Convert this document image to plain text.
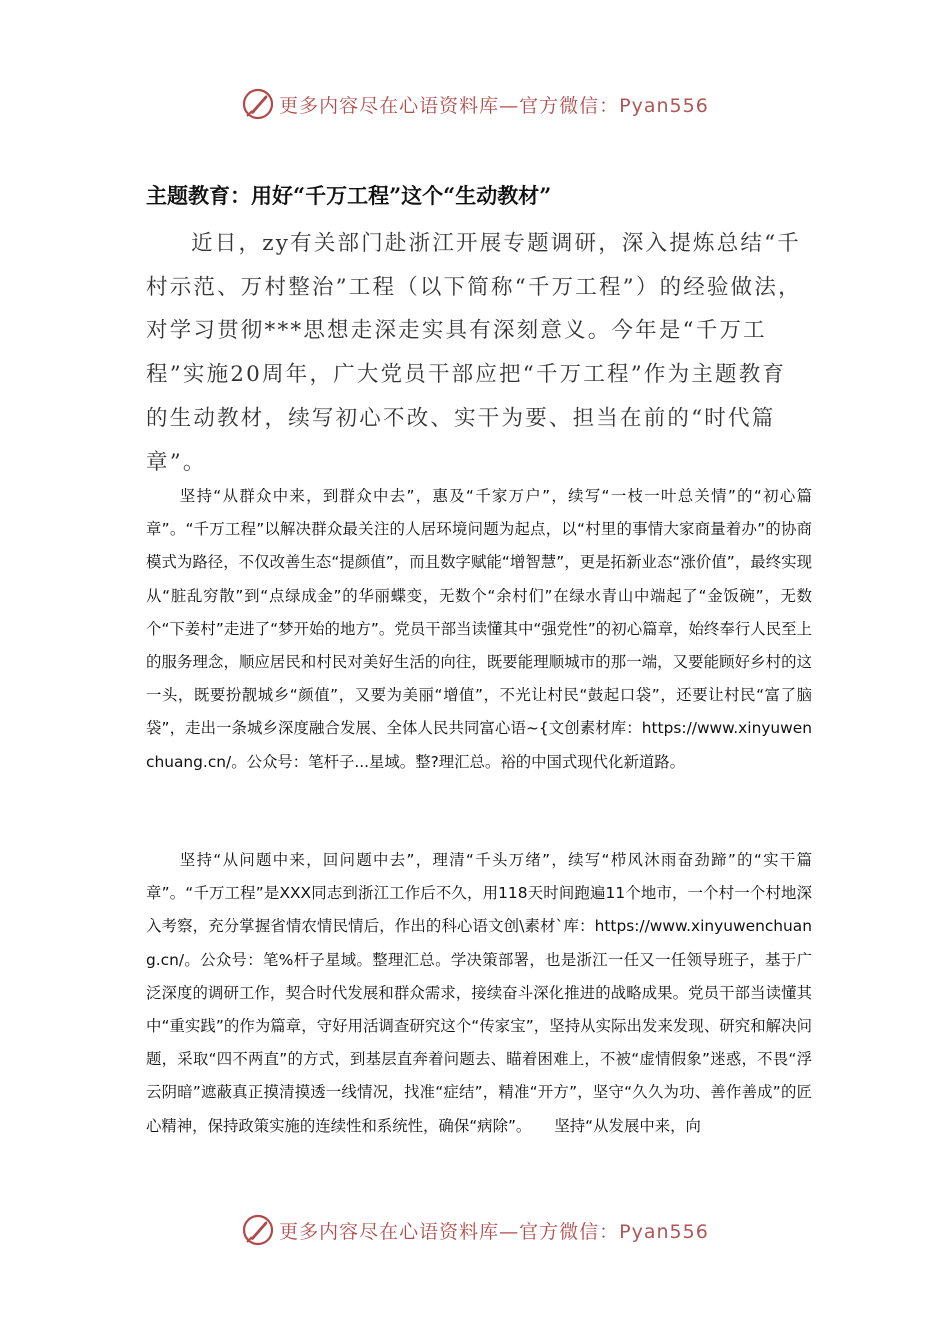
更多内容尽在心语资料库—官方微信：Pyan556
主题教育：用好“千万工程”这个“生动教材”

近日，zy有关部门赴浙江开展专题调研，深入提炼总结“千村示范、万村整治”工程（以下简称“千万工程”）的经验做法，对学习贯彻***思想走深走实具有深刻意义。今年是“千万工程”实施20周年，广大党员干部应把“千万工程”作为主题教育的生动教材，续写初心不改、实干为要、担当在前的“时代篇章”。

坚持“从群众中来，到群众中去”，惠及“千家万户”，续写“一枝一叶总关情”的“初心篇章”。“千万工程”以解决群众最关注的人居环境问题为起点，以“村里的事情大家商量着办”的协商模式为路径，不仅改善生态“提颜值”，而且数字赋能“增智慧”，更是拓新业态“涨价值”，最终实现从“脏乱穷散”到“点绿成金”的华丽蝶变，无数个“余村们”在绿水青山中端起了“金饭碗”，无数个“下姜村”走进了“梦开始的地方”。党员干部当读懂其中“强党性”的初心篇章，始终奉行人民至上的服务理念，顺应居民和村民对美好生活的向往，既要能理顺城市的那一端，又要能顾好乡村的这一头，既要扮靓城乡“颜值”，又要为美丽“增值”，不光让村民“鼓起口袋”，还要让村民“富了脑袋”，走出一条城乡深度融合发展、全体人民共同富心语~{文创素材库：https://www.xinyuwenchuang.cn/。公众号：笔杆子...星域。整?理汇总。裕的中国式现代化新道路。

坚持“从问题中来，回问题中去”，理清“千头万绪”，续写“栉风沐雨奋劲蹄”的“实干篇章”。“千万工程”是XXX同志到浙江工作后不久，用118天时间跑遍11个地市，一个村一个村地深入考察，充分掌握省情农情民情后，作出的科心语文创\素材`库：https://www.xinyuwenchuang.cn/。公众号：笔%杆子星域。整理汇总。学决策部署，也是浙江一任又一任领导班子，基于广泛深度的调研工作，契合时代发展和群众需求，接续奋斗深化推进的战略成果。党员干部当读懂其中“重实践”的作为篇章，守好用活调查研究这个“传家宝”，坚持从实际出发来发现、研究和解决问题，采取“四不两直”的方式，到基层直奔着问题去、瞄着困难上，不被“虚情假象”迷惑，不畏“浮云阴暗”遮蔽真正摸清摸透一线情况，找准“症结”，精准“开方”，坚守“久久为功、善作善成”的匠心精神，保持政策实施的连续性和系统性，确保“病除”。　　坚持“从发展中来，向

更多内容尽在心语资料库—官方微信：Pyan556
